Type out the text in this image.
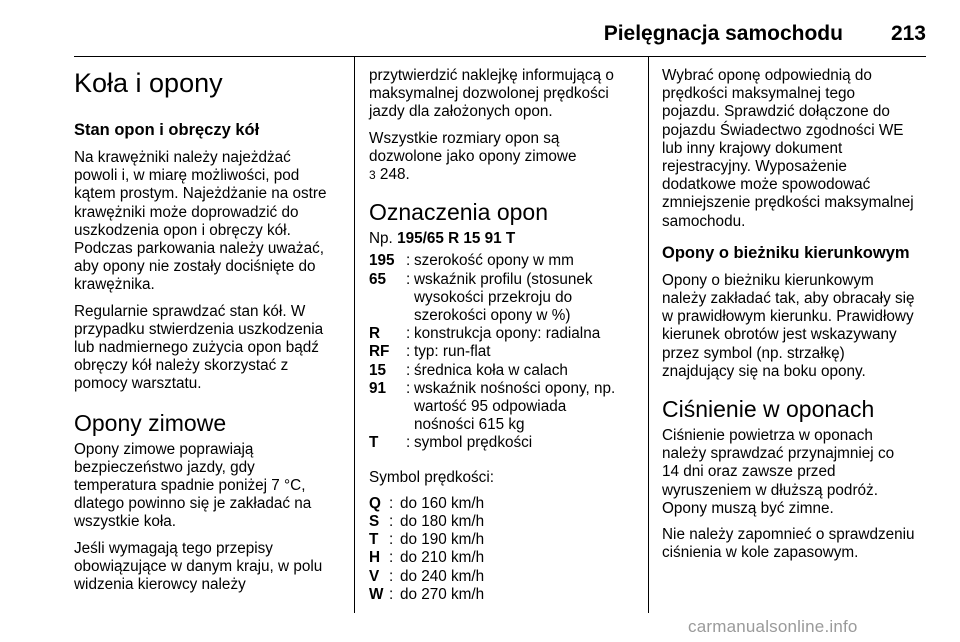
Pielęgnacja samochodu 213
Koła i opony
Stan opon i obręczy kół

Na krawężniki należy najeżdżać
powoli i, w miarę możliwości, pod
kątem prostym. Najeżdżanie na ostre
krawężniki może doprowadzić do
uszkodzenia opon i obręczy kół.
Podczas parkowania należy uważać,
aby opony nie zostały dociśnięte do
krawężnika.

Regularnie sprawdzać stan kół. W
przypadku stwierdzenia uszkodzenia
lub nadmiernego zużycia opon bądź
obręczy kół należy skorzystać z
pomocy warsztatu.

Opony zimowe

Opony zimowe poprawiają
bezpieczeństwo jazdy, gdy
temperatura spadnie poniżej 7 °C,
dlatego powinno się je zakładać na
wszystkie koła.

Jeśli wymagają tego przepisy
obowiązujące w danym kraju, w polu
widzenia kierowcy należy

przytwierdzić naklejkę informującą o
maksymalnej dozwolonej prędkości
jazdy dla założonych opon.

Wszystkie rozmiary opon są
dozwolone jako opony zimowe
3 248.

Oznaczenia opon

Np. 195/65 R 15 91 T

195 : szerokość opony w mm
65	: wskaźnik profilu (stosunek
wysokości przekroju do
szerokości opony w %)
R	: konstrukcja opony: radialna
RF	: typ: run-flat
15	: średnica koła w calach
91	: wskaźnik nośności opony, np.
wartość 95 odpowiada
nośności 615 kg
T	: symbol prędkości

Symbol prędkości:

Q : do 160 km/h
S : do 180 km/h
T : do 190 km/h
H : do 210 km/h
V : do 240 km/h
W : do 270 km/h

Wybrać oponę odpowiednią do
prędkości maksymalnej tego
pojazdu. Sprawdzić dołączone do
pojazdu Świadectwo zgodności WE
lub inny krajowy dokument
rejestracyjny. Wyposażenie
dodatkowe może spowodować
zmniejszenie prędkości maksymalnej
samochodu.

Opony o bieżniku kierunkowym

Opony o bieżniku kierunkowym
należy zakładać tak, aby obracały się
w prawidłowym kierunku. Prawidłowy
kierunek obrotów jest wskazywany
przez symbol (np. strzałkę)
znajdujący się na boku opony.

Ciśnienie w oponach

Ciśnienie powietrza w oponach
należy sprawdzać przynajmniej co
14 dni oraz zawsze przed
wyruszeniem w dłuższą podróż.
Opony muszą być zimne.

Nie należy zapomnieć o sprawdzeniu
ciśnienia w kole zapasowym.

carmanualsonline.info
